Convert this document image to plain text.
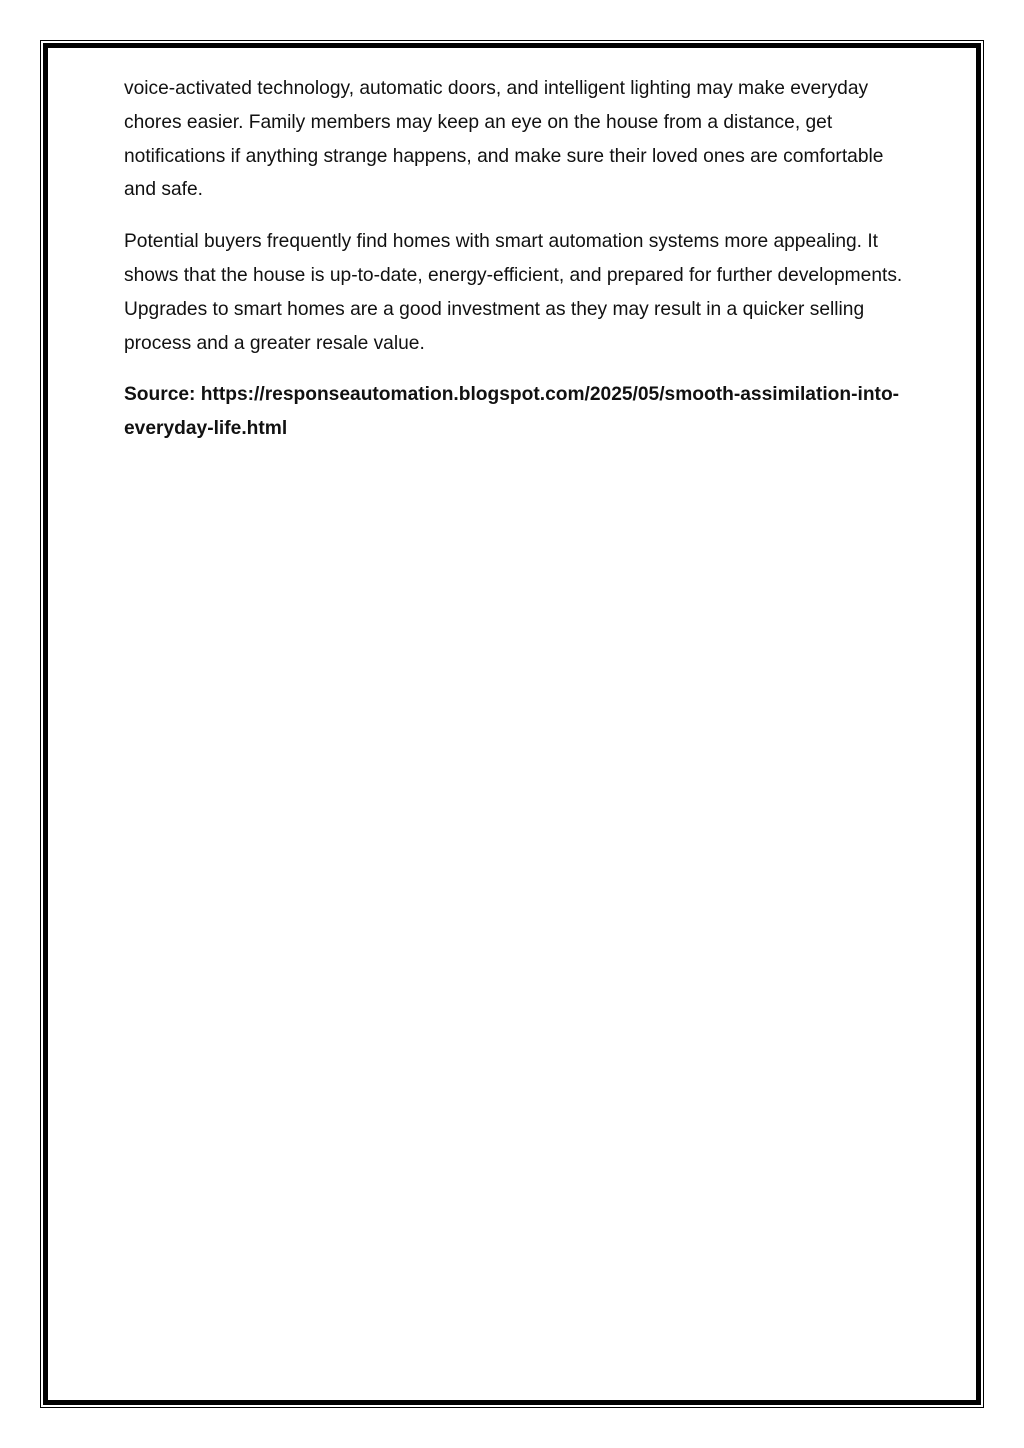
voice-activated technology, automatic doors, and intelligent lighting may make everyday chores easier. Family members may keep an eye on the house from a distance, get notifications if anything strange happens, and make sure their loved ones are comfortable and safe.

Potential buyers frequently find homes with smart automation systems more appealing. It shows that the house is up-to-date, energy-efficient, and prepared for further developments. Upgrades to smart homes are a good investment as they may result in a quicker selling process and a greater resale value.

Source: https://responseautomation.blogspot.com/2025/05/smooth-assimilation-into-everyday-life.html
